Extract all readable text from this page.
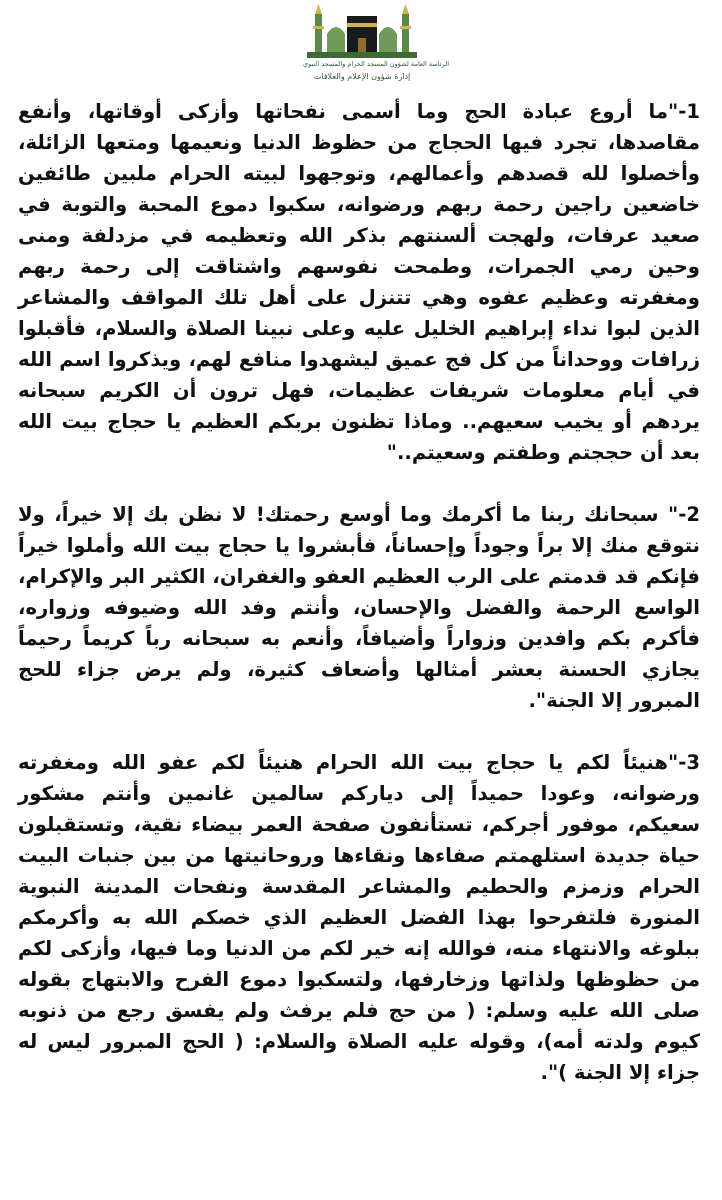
الرئاسة العامة لشؤون المسجد الحرام والمسجد النبوي
إدارة شؤون الإعلام والعلاقات

1-"ما أروع عبادة الحج وما أسمى نفحاتها وأزكى أوقاتها، وأنفع مقاصدها، تجرد فيها الحجاج من حظوظ الدنيا ونعيمها ومتعها الزائلة، وأخصلوا لله قصدهم وأعمالهم، وتوجهوا لبيته الحرام ملبين طائفين خاضعين راجين رحمة ربهم ورضوانه، سكبوا دموع المحبة والتوبة في صعيد عرفات، ولهجت ألسنتهم بذكر الله وتعظيمه في مزدلفة ومنى وحين رمي الجمرات، وطمحت نفوسهم واشتاقت إلى رحمة ربهم ومغفرته وعظيم عفوه وهي تتنزل على أهل تلك المواقف والمشاعر الذين لبوا نداء إبراهيم الخليل عليه وعلى نبينا الصلاة والسلام، فأقبلوا زرافات ووحداناً من كل فج عميق ليشهدوا منافع لهم، ويذكروا اسم الله في أيام معلومات شريفات عظيمات، فهل ترون أن الكريم سبحانه يردهم أو يخيب سعيهم.. وماذا تظنون بربكم العظيم يا حجاج بيت الله بعد أن حججتم وطفتم وسعيتم.."

2-" سبحانك ربنا ما أكرمك وما أوسع رحمتك! لا نظن بك إلا خيراً، ولا نتوقع منك إلا براً وجوداً وإحساناً، فأبشروا يا حجاج بيت الله وأملوا خيراً فإنكم قد قدمتم على الرب العظيم العفو والغفران، الكثير البر والإكرام، الواسع الرحمة والفضل والإحسان، وأنتم وفد الله وضيوفه وزواره، فأكرم بكم وافدين وزواراً وأضيافاً، وأنعم به سبحانه رباً كريماً رحيماً يجازي الحسنة بعشر أمثالها وأضعاف كثيرة، ولم يرض جزاء للحج المبرور إلا الجنة".

3-"هنيئاً لكم يا حجاج بيت الله الحرام هنيئاً لكم عفو الله ومغفرته ورضوانه، وعودا حميداً إلى دياركم سالمين غانمين وأنتم مشكور سعيكم، موفور أجركم، تستأنفون صفحة العمر بيضاء نقية، وتستقبلون حياة جديدة استلهمتم صفاءها ونقاءها وروحانيتها من بين جنبات البيت الحرام وزمزم والحطيم والمشاعر المقدسة ونفحات المدينة النبوية المنورة فلتفرحوا بهذا الفضل العظيم الذي خصكم الله به وأكرمكم ببلوغه والانتهاء منه، فوالله إنه خير لكم من الدنيا وما فيها، وأزكى لكم من حظوظها ولذاتها وزخارفها، ولتسكبوا دموع الفرح والابتهاج بقوله صلى الله عليه وسلم: ( من حج فلم يرفث ولم يفسق رجع من ذنوبه كيوم ولدته أمه)، وقوله عليه الصلاة والسلام: ( الحج المبرور ليس له جزاء إلا الجنة )".
